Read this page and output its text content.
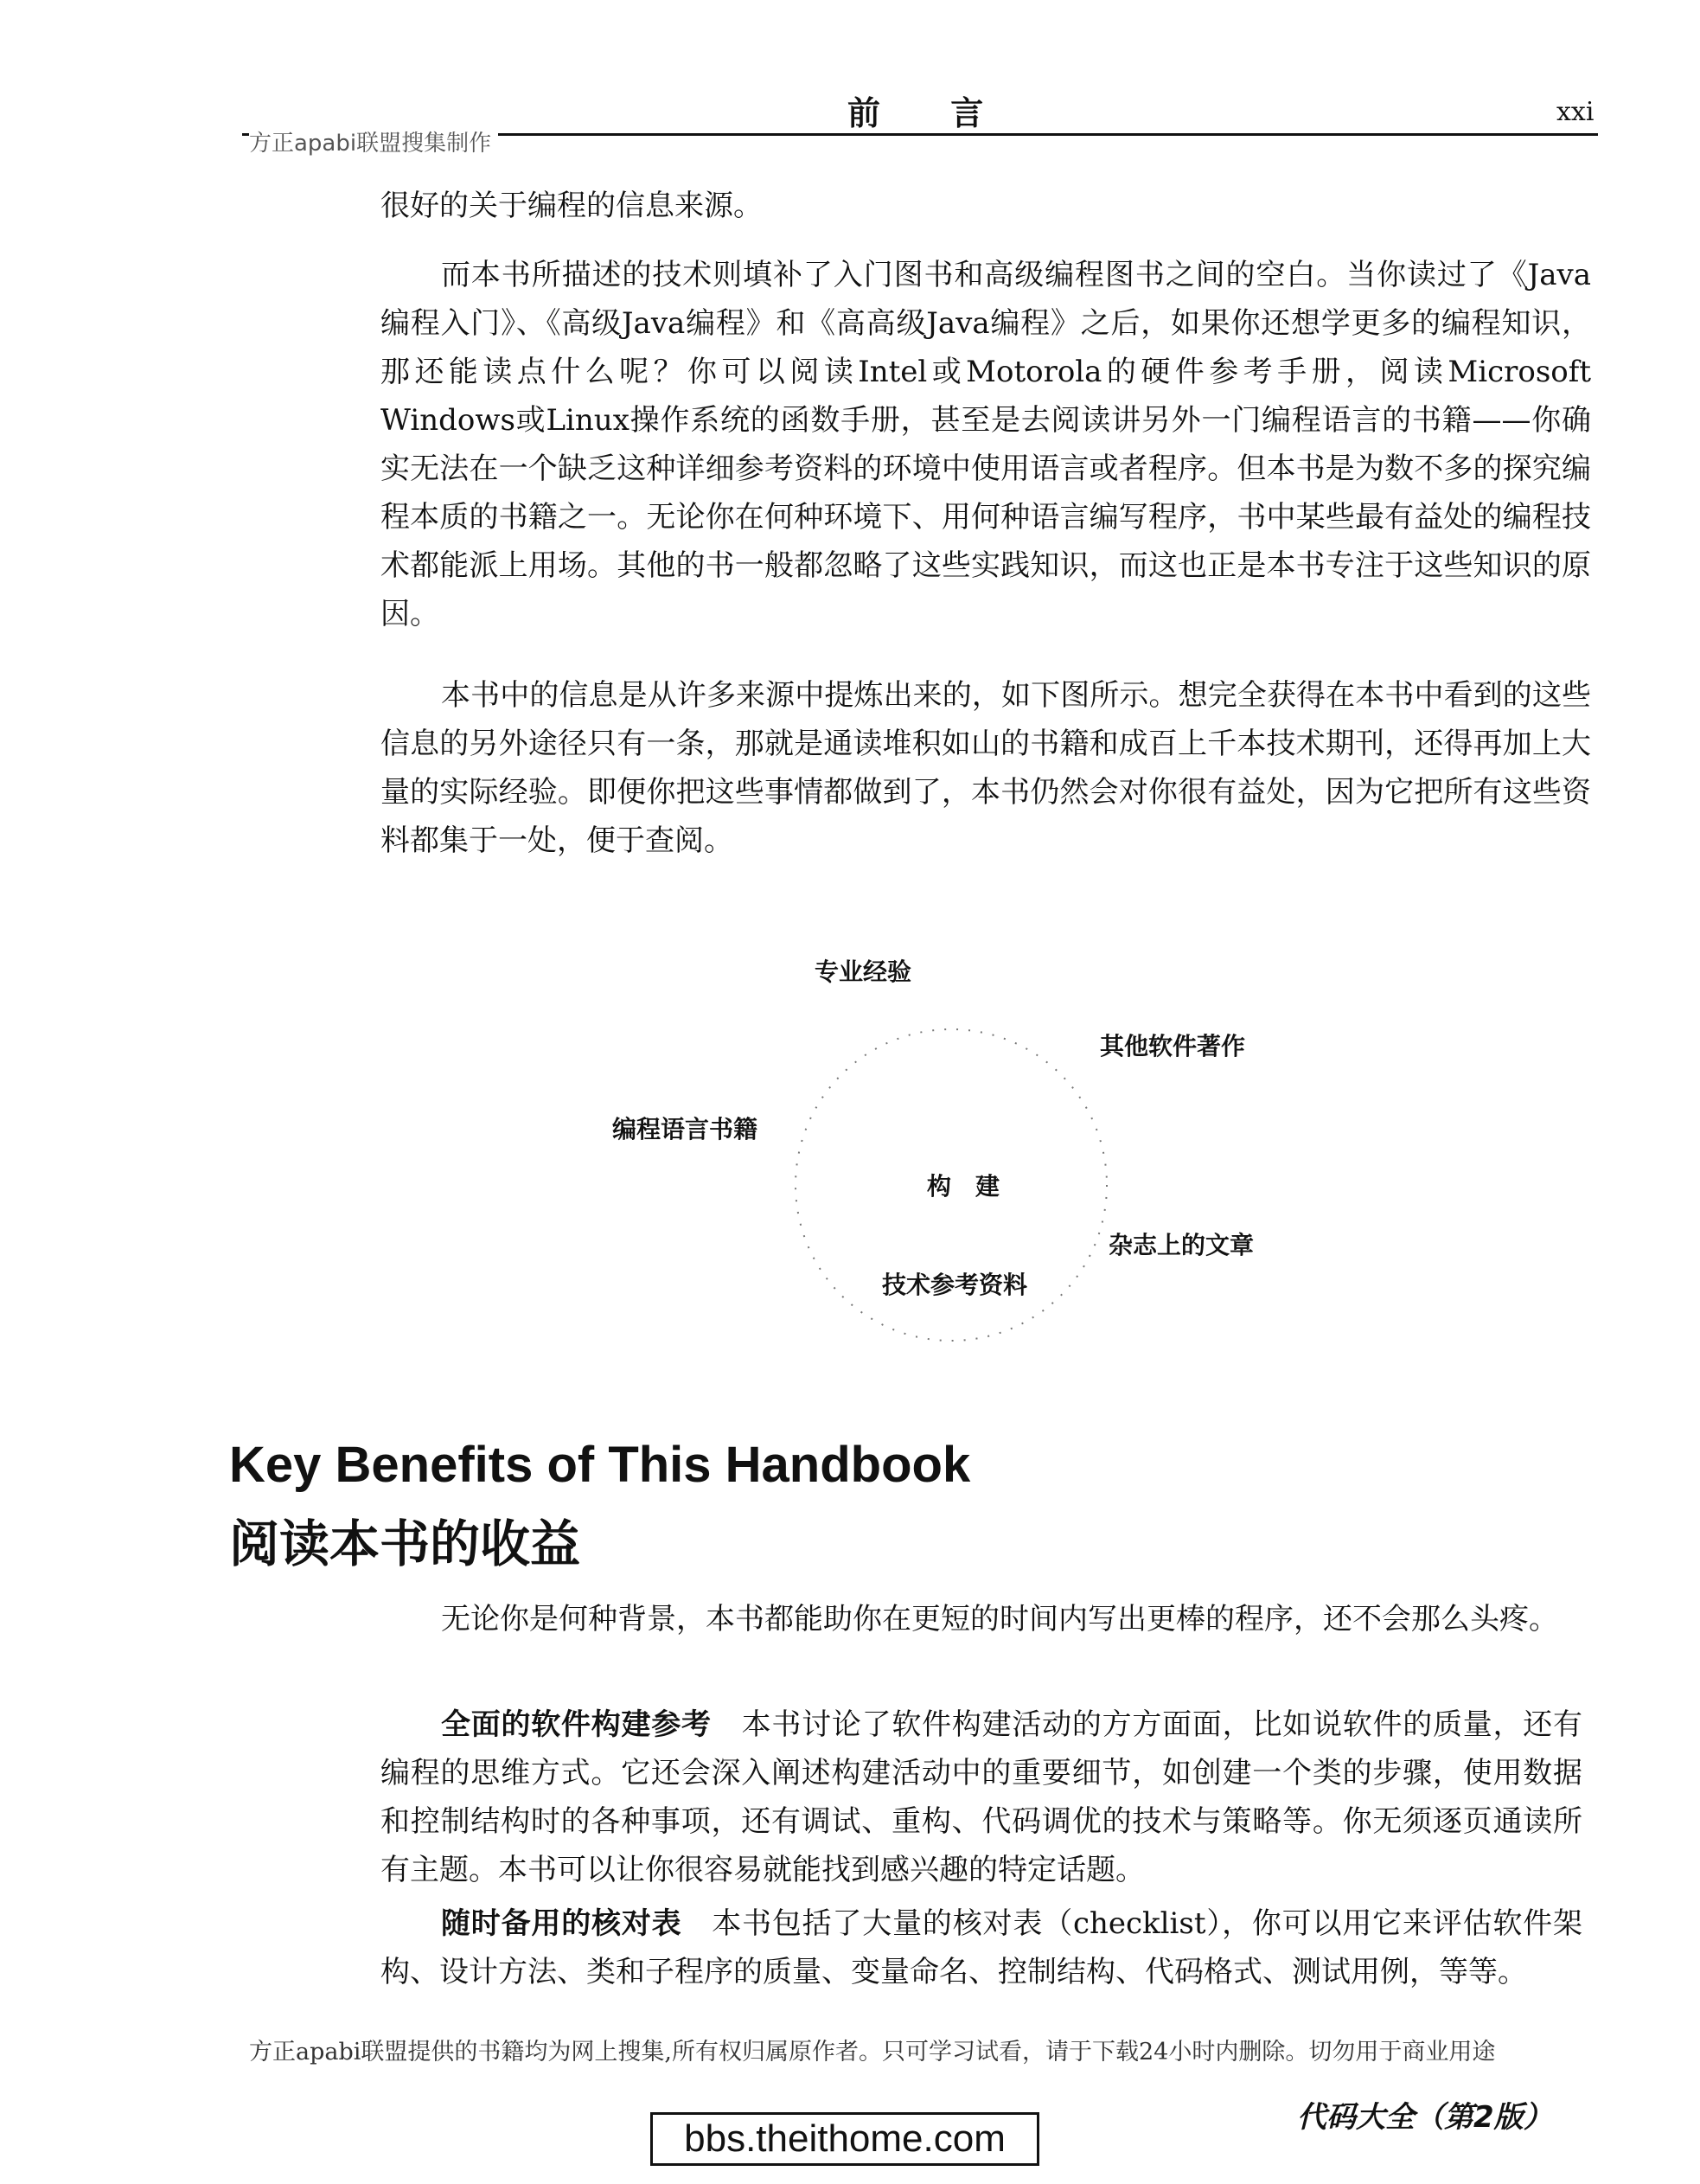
前 言	xxi
方正apabi联盟搜集制作

很好的关于编程的信息来源。

而本书所描述的技术则填补了入门图书和高级编程图书之间的空白。当你读过了《Java编程入门》、《高级Java编程》和《高高级Java编程》之后，如果你还想学更多的编程知识，那还能读点什么呢？你可以阅读Intel或Motorola的硬件参考手册，阅读Microsoft Windows或Linux操作系统的函数手册，甚至是去阅读讲另外一门编程语言的书籍——你确实无法在一个缺乏这种详细参考资料的环境中使用语言或者程序。但本书是为数不多的探究编程本质的书籍之一。无论你在何种环境下、用何种语言编写程序，书中某些最有益处的编程技术都能派上用场。其他的书一般都忽略了这些实践知识，而这也正是本书专注于这些知识的原因。

本书中的信息是从许多来源中提炼出来的，如下图所示。想完全获得在本书中看到的这些信息的另外途径只有一条，那就是通读堆积如山的书籍和成百上千本技术期刊，还得再加上大量的实际经验。即便你把这些事情都做到了，本书仍然会对你很有益处，因为它把所有这些资料都集于一处，便于查阅。

构　建
专业经验
其他软件著作
编程语言书籍
杂志上的文章
技术参考资料
Key Benefits of This Handbook
阅读本书的收益

无论你是何种背景，本书都能助你在更短的时间内写出更棒的程序，还不会那么头疼。

全面的软件构建参考　 本书讨论了软件构建活动的方方面面，比如说软件的质量，还有编程的思维方式。它还会深入阐述构建活动中的重要细节，如创建一个类的步骤，使用数据和控制结构时的各种事项，还有调试、重构、代码调优的技术与策略等。你无须逐页通读所有主题。本书可以让你很容易就能找到感兴趣的特定话题。

随时备用的核对表　 本书包括了大量的核对表（checklist），你可以用它来评估软件架构、设计方法、类和子程序的质量、变量命名、控制结构、代码格式、测试用例，等等。

方正apabi联盟提供的书籍均为网上搜集,所有权归属原作者。只可学习试看，请于下载24小时内删除。切勿用于商业用途
代码大全（第2版）
bbs.theithome.com
